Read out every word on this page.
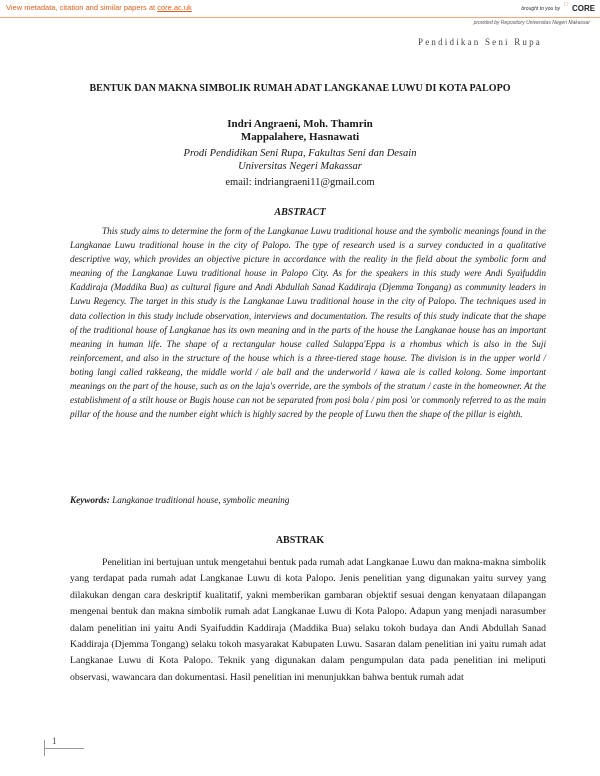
View metadata, citation and similar papers at core.ac.uk	brought to you by
∷ CORE
provided by Repository Universitas Negeri Makassar
Pendidikan Seni Rupa
BENTUK DAN MAKNA SIMBOLIK RUMAH ADAT LANGKANAE LUWU DI KOTA PALOPO
Indri Angraeni, Moh. Thamrin
Mappalahere, Hasnawati
Prodi Pendidikan Seni Rupa, Fakultas Seni dan Desain
Universitas Negeri Makassar
email: indriangraeni11@gmail.com
ABSTRACT

This study aims to determine the form of the Langkanae Luwu traditional house and the symbolic meanings found in the Langkanae Luwu traditional house in the city of Palopo. The type of research used is a survey conducted in a qualitative descriptive way, which provides an objective picture in accordance with the reality in the field about the symbolic form and meaning of the Langkanae Luwu traditional house in Palopo City. As for the speakers in this study were Andi Syaifuddin Kaddiraja (Maddika Bua) as cultural figure and Andi Abdullah Sanad Kaddiraja (Djemma Tongang) as community leaders in Luwu Regency. The target in this study is the Langkanae Luwu traditional house in the city of Palopo. The techniques used in data collection in this study include observation, interviews and documentation. The results of this study indicate that the shape of the traditional house of Langkanae has its own meaning and in the parts of the house the Langkanae house has an important meaning in human life. The shape of a rectangular house called Sulappa'Eppa is a rhombus which is also in the Suji reinforcement, and also in the structure of the house which is a three-tiered stage house. The division is in the upper world / boting langi called rakkeang, the middle world / ale ball and the underworld / kawa ale is called kolong. Some important meanings on the part of the house, such as on the laja's override, are the symbols of the stratum / caste in the homeowner. At the establishment of a stilt house or Bugis house can not be separated from posi bola / pim posi 'or commonly referred to as the main pillar of the house and the number eight which is highly sacred by the people of Luwu then the shape of the pillar is eighth.

Keywords: Langkanae traditional house, symbolic meaning
ABSTRAK

Penelitian ini bertujuan untuk mengetahui bentuk pada rumah adat Langkanae Luwu dan makna-makna simbolik yang terdapat pada rumah adat Langkanae Luwu di kota Palopo. Jenis penelitian yang digunakan yaitu survey yang dilakukan dengan cara deskriptif kualitatif, yakni memberikan gambaran objektif sesuai dengan kenyataan dilapangan mengenai bentuk dan makna simbolik rumah adat Langkanae Luwu di Kota Palopo. Adapun yang menjadi narasumber dalam penelitian ini yaitu Andi Syaifuddin Kaddiraja (Maddika Bua) selaku tokoh budaya dan Andi Abdullah Sanad Kaddiraja (Djemma Tongang) selaku tokoh masyarakat Kabupaten Luwu. Sasaran dalam penelitian ini yaitu rumah adat Langkanae Luwu di Kota Palopo. Teknik yang digunakan dalam pengumpulan data pada penelitian ini meliputi observasi, wawancara dan dokumentasi. Hasil penelitian ini menunjukkan bahwa bentuk rumah adat

1
